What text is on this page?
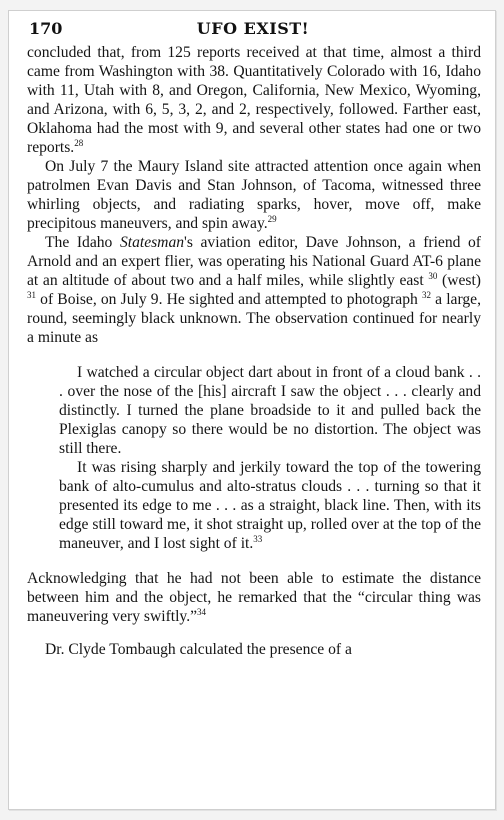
170	UFO EXIST!

concluded that, from 125 reports received at that time, almost a third came from Washington with 38. Quantitatively Colorado with 16, Idaho with 11, Utah with 8, and Oregon, California, New Mexico, Wyoming, and Arizona, with 6, 5, 3, 2, and 2, respectively, followed. Farther east, Oklahoma had the most with 9, and several other states had one or two reports.$^{28}$

On July 7 the Maury Island site attracted attention once again when patrolmen Evan Davis and Stan Johnson, of Tacoma, witnessed three whirling objects, and radiating sparks, hover, move off, make precipitous maneuvers, and spin away.$^{29}$

The Idaho Statesman's aviation editor, Dave Johnson, a friend of Arnold and an expert flier, was operating his National Guard AT-6 plane at an altitude of about two and a half miles, while slightly east $^{30}$ (west) $^{31}$ of Boise, on July 9. He sighted and attempted to photograph $^{32}$ a large, round, seemingly black unknown. The observation continued for nearly a minute as

I watched a circular object dart about in front of a cloud bank . . . over the nose of the [his] aircraft I saw the object . . . clearly and distinctly. I turned the plane broadside to it and pulled back the Plexiglas canopy so there would be no distortion. The object was still there.

It was rising sharply and jerkily toward the top of the towering bank of alto-cumulus and alto-stratus clouds . . . turning so that it presented its edge to me . . . as a straight, black line. Then, with its edge still toward me, it shot straight up, rolled over at the top of the maneuver, and I lost sight of it.$^{33}$

Acknowledging that he had not been able to estimate the distance between him and the object, he remarked that the “circular thing was maneuvering very swiftly.”$^{34}$

Dr. Clyde Tombaugh calculated the presence of a
